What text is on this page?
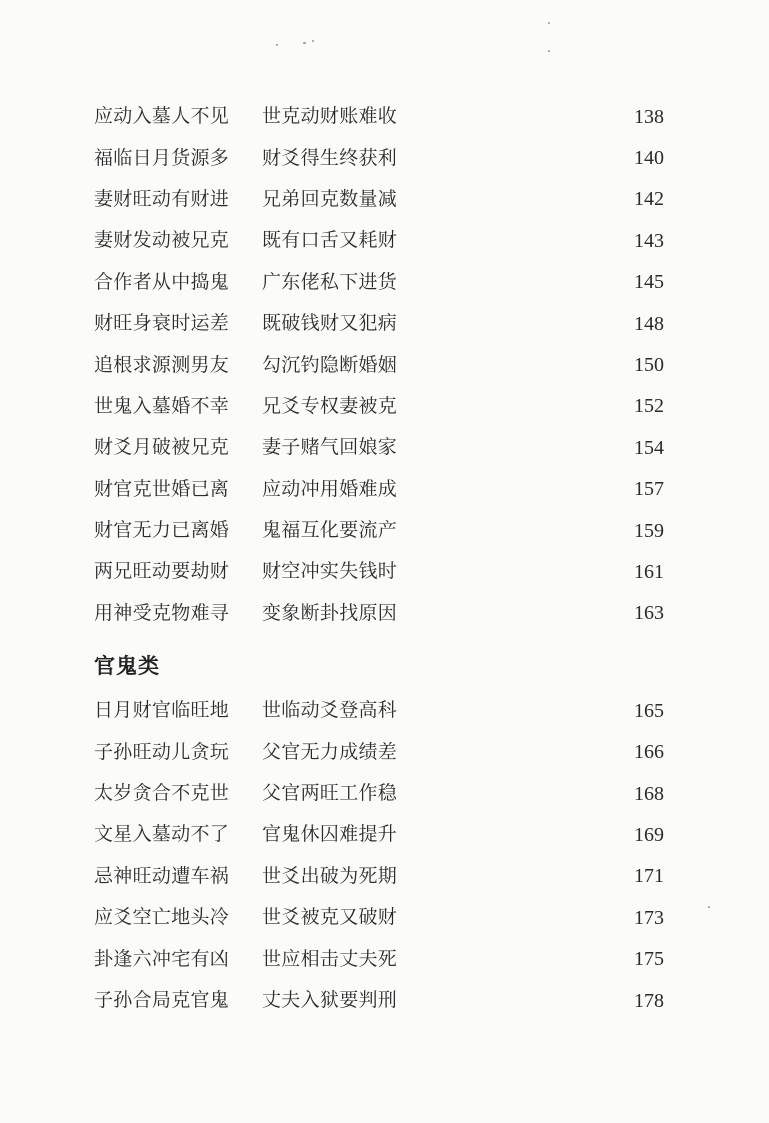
应动入墓人不见	世克动财账难收	138
福临日月货源多	财爻得生终获利	140
妻财旺动有财进	兄弟回克数量减	142
妻财发动被兄克	既有口舌又耗财	143
合作者从中捣鬼	广东佬私下进货	145
财旺身衰时运差	既破钱财又犯病	148
追根求源测男友	勾沉钓隐断婚姻	150
世鬼入墓婚不幸	兄爻专权妻被克	152
财爻月破被兄克	妻子赌气回娘家	154
财官克世婚已离	应动冲用婚难成	157
财官无力已离婚	鬼福互化要流产	159
两兄旺动要劫财	财空冲实失钱时	161
用神受克物难寻	变象断卦找原因	163
官鬼类
日月财官临旺地	世临动爻登高科	165
子孙旺动儿贪玩	父官无力成绩差	166
太岁贪合不克世	父官两旺工作稳	168
文星入墓动不了	官鬼休囚难提升	169
忌神旺动遭车祸	世爻出破为死期	171
应爻空亡地头冷	世爻被克又破财	173
卦逢六冲宅有凶	世应相击丈夫死	175
子孙合局克官鬼	丈夫入狱要判刑	178
